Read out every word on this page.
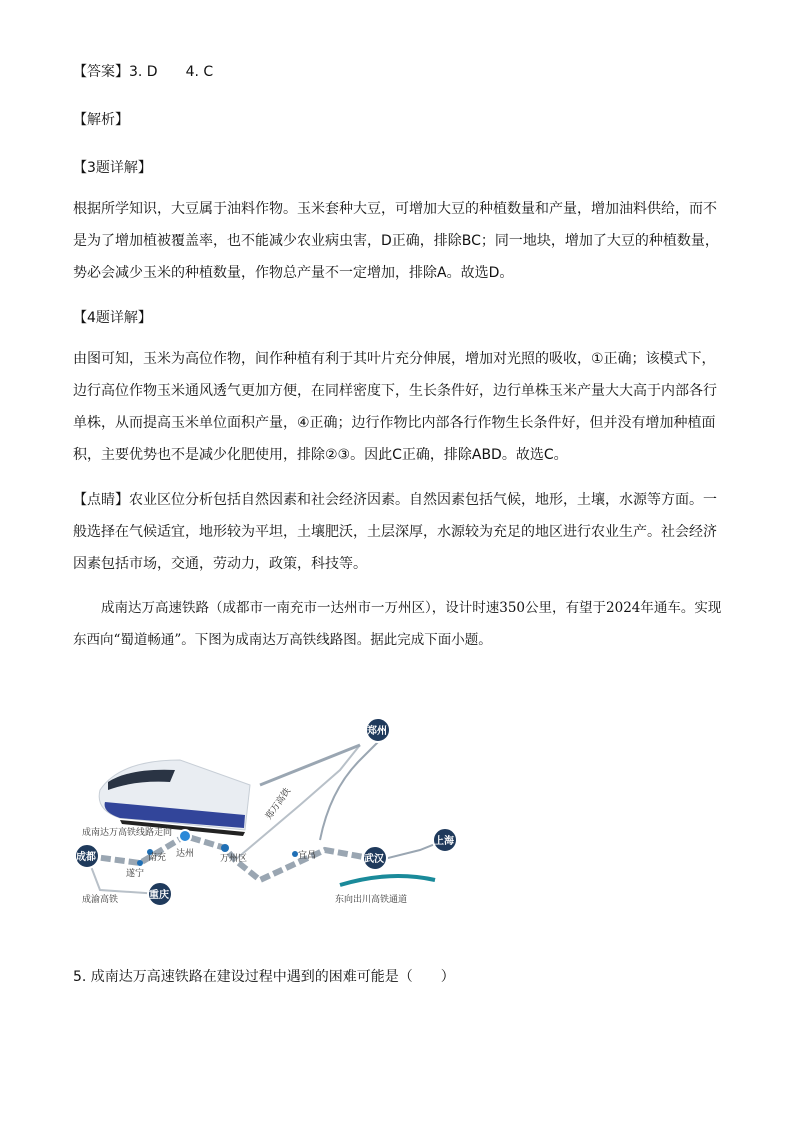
【答案】3. D　　4. C
【解析】
【3题详解】
根据所学知识，大豆属于油料作物。玉米套种大豆，可增加大豆的种植数量和产量，增加油料供给，而不是为了增加植被覆盖率，也不能减少农业病虫害，D正确，排除BC；同一地块，增加了大豆的种植数量，势必会减少玉米的种植数量，作物总产量不一定增加，排除A。故选D。
【4题详解】
由图可知，玉米为高位作物，间作种植有利于其叶片充分伸展，增加对光照的吸收，①正确；该模式下，边行高位作物玉米通风透气更加方便，在同样密度下，生长条件好，边行单株玉米产量大大高于内部各行单株，从而提高玉米单位面积产量，④正确；边行作物比内部各行作物生长条件好，但并没有增加种植面积，主要优势也不是减少化肥使用，排除②③。因此C正确，排除ABD。故选C。
【点睛】农业区位分析包括自然因素和社会经济因素。自然因素包括气候，地形，土壤，水源等方面。一般选择在气候适宜，地形较为平坦，土壤肥沃，土层深厚，水源较为充足的地区进行农业生产。社会经济因素包括市场，交通，劳动力，政策，科技等。
成南达万高速铁路（成都市一南充市一达州市一万州区），设计时速350公里，有望于2024年通车。实现东西向“蜀道畅通”。下图为成南达万高铁线路图。据此完成下面小题。
成南达万高铁线路走向
成渝高铁	东向出川高铁通道
郑万高铁
成都
重庆
郑州
武汉
上海
南充
遂宁
达州	万州区	宜昌
5. 成南达万高速铁路在建设过程中遇到的困难可能是（　　）
